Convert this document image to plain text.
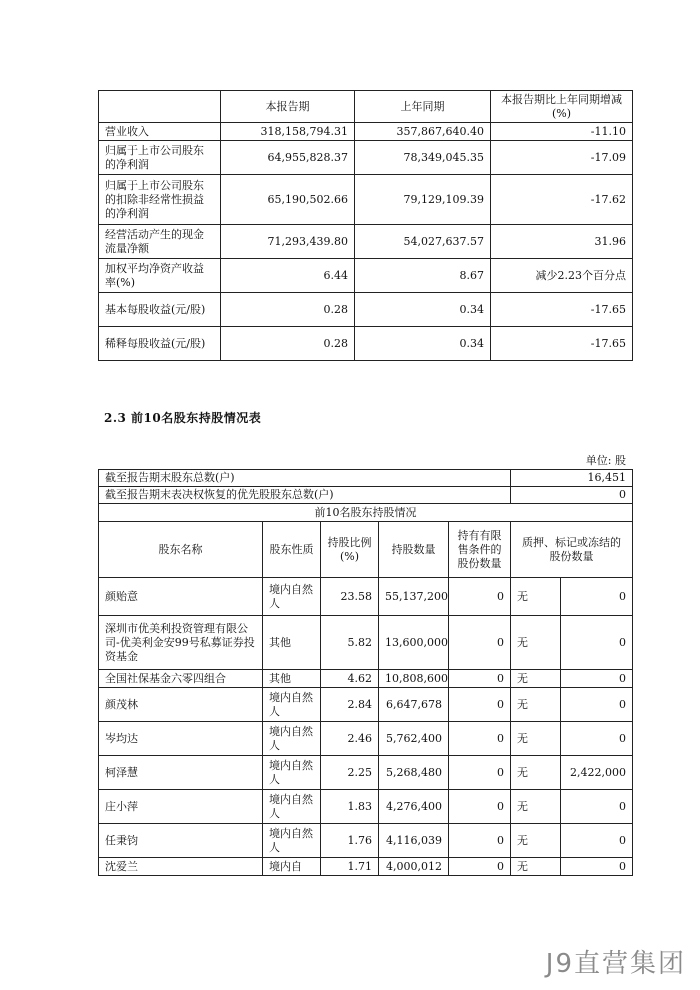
	本报告期	上年同期	本报告期比上年同期增减(%)
营业收入	318,158,794.31	357,867,640.40	-11.10
归属于上市公司股东的净利润	64,955,828.37	78,349,045.35	-17.09
归属于上市公司股东的扣除非经常性损益的净利润	65,190,502.66	79,129,109.39	-17.62
经营活动产生的现金流量净额	71,293,439.80	54,027,637.57	31.96
加权平均净资产收益率(%)	6.44	8.67	减少2.23个百分点
基本每股收益(元/股)	0.28	0.34	-17.65
稀释每股收益(元/股)	0.28	0.34	-17.65
2.3 前10名股东持股情况表
单位: 股
截至报告期末股东总数(户)					16,451	
截至报告期末表决权恢复的优先股股东总数(户)					0	
前10名股东持股情况						
股东名称	股东性质	持股比例(%)	持股数量	持有有限售条件的股份数量	质押、标记或冻结的股份数量	
颜贻意	境内自然人	23.58	55,137,200	0	无	0
深圳市优美利投资管理有限公司-优美利金安99号私募证券投资基金	其他	5.82	13,600,000	0	无	0
全国社保基金六零四组合	其他	4.62	10,808,600	0	无	0
颜茂林	境内自然人	2.84	6,647,678	0	无	0
岑均达	境内自然人	2.46	5,762,400	0	无	0
柯泽慧	境内自然人	2.25	5,268,480	0	无	2,422,000
庄小萍	境内自然人	1.83	4,276,400	0	无	0
任秉钧	境内自然人	1.76	4,116,039	0	无	0
沈爱兰	境内自	1.71	4,000,012	0	无	0
J9直营集团
